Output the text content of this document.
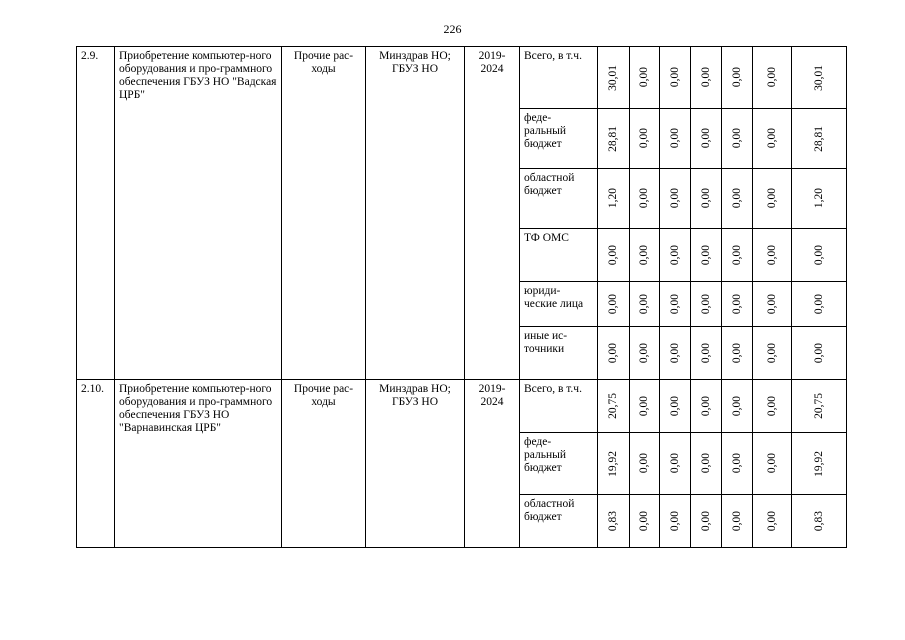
226
2.9.	Приобретение компьютер-ного оборудования и про-граммного обеспечения ГБУЗ НО "Вадская ЦРБ"	Прочие рас-ходы	Минздрав НО; ГБУЗ НО	2019-2024	Всего, в т.ч.	30,01	0,00	0,00	0,00	0,00	0,00	30,01

					феде-ральный бюджет	28,81	0,00	0,00	0,00	0,00	0,00	28,81

					областной бюджет	1,20	0,00	0,00	0,00	0,00	0,00	1,20

					ТФ ОМС	0,00	0,00	0,00	0,00	0,00	0,00	0,00

					юриди-ческие лица	0,00	0,00	0,00	0,00	0,00	0,00	0,00

					иные ис-точники	0,00	0,00	0,00	0,00	0,00	0,00	0,00

2.10.	Приобретение компьютер-ного оборудования и про-граммного обеспечения ГБУЗ НО "Варнавинская ЦРБ"	Прочие рас-ходы	Минздрав НО; ГБУЗ НО	2019-2024	Всего, в т.ч.	20,75	0,00	0,00	0,00	0,00	0,00	20,75

					феде-ральный бюджет	19,92	0,00	0,00	0,00	0,00	0,00	19,92

					областной бюджет	0,83	0,00	0,00	0,00	0,00	0,00	0,83
